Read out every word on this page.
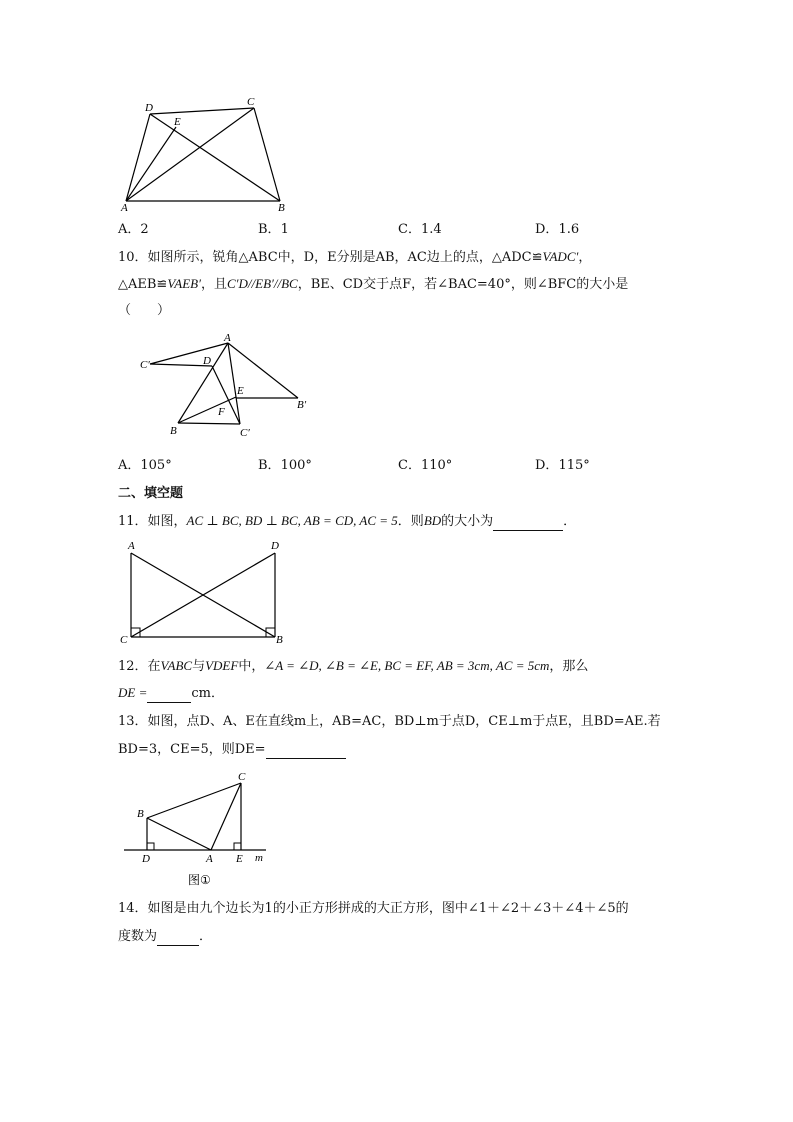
D	C
E
A	B
A．2	B．1	C．1.4	D．1.6
10．如图所示，锐角△ABC中，D，E分别是AB，AC边上的点，△ADC≌VADC′，
△AEB≌VAEB′，且C′D//EB′//BC，BE、CD交于点F，若∠BAC=40°，则∠BFC的大小是
（　　）
A
C′	D
E
B′
F
B	C′
A．105°	B．100°	C．110°	D．115°
二、填空题
11．如图，AC ⊥ BC, BD ⊥ BC, AB = CD, AC = 5．则BD的大小为	．
A	D
C	B
12．在VABC与VDEF中，∠A = ∠D, ∠B = ∠E, BC = EF, AB = 3cm, AC = 5cm，那么
DE =	cm．
13．如图，点D、A、E在直线m上，AB=AC，BD⊥m于点D，CE⊥m于点E，且BD=AE.若
BD=3，CE=5，则DE=
C
B
D	A E m
图①
14．如图是由九个边长为1的小正方形拼成的大正方形，图中∠1＋∠2＋∠3＋∠4＋∠5的
度数为	．
